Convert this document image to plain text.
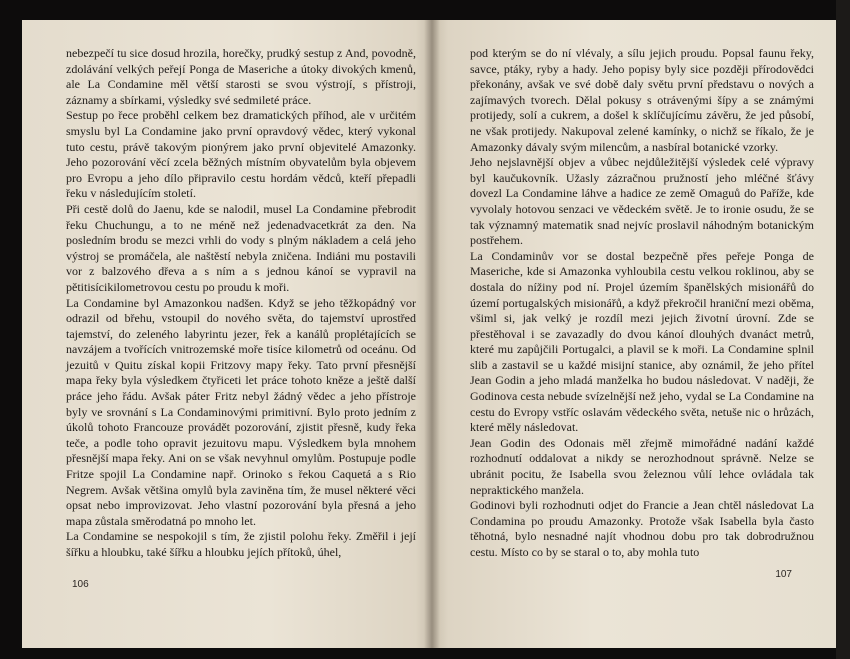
nebezpečí tu sice dosud hrozila, horečky, prudký sestup z And, povodně, zdolávání velkých peřejí Ponga de Maseriche a útoky divokých kmenů, ale La Condamine měl větší starosti se svou výstrojí, s přístroji, záznamy a sbírkami, výsledky své sedmileté práce.

Sestup po řece proběhl celkem bez dramatických příhod, ale v určitém smyslu byl La Condamine jako první opravdový vědec, který vykonal tuto cestu, právě takovým pionýrem jako první objevitelé Amazonky. Jeho pozorování věcí zcela běžných místním obyvatelům byla objevem pro Evropu a jeho dílo připravilo cestu hordám vědců, kteří přepadli řeku v následujícím století.

Při cestě dolů do Jaenu, kde se nalodil, musel La Condamine přebrodit řeku Chuchungu, a to ne méně než jedenadvacetkrát za den. Na posledním brodu se mezci vrhli do vody s plným nákladem a celá jeho výstroj se promáčela, ale naštěstí nebyla zničena. Indiáni mu postavili vor z balzového dřeva a s ním a s jednou kánoí se vypravil na pětitisícikilometrovou cestu po proudu k moři.

La Condamine byl Amazonkou nadšen. Když se jeho těžkopádný vor odrazil od břehu, vstoupil do nového světa, do tajemství uprostřed tajemství, do zeleného labyrintu jezer, řek a kanálů proplétajících se navzájem a tvořících vnitrozemské moře tisíce kilometrů od oceánu. Od jezuitů v Quitu získal kopii Fritzovy mapy řeky. Tato první přesnější mapa řeky byla výsledkem čtyřiceti let práce tohoto kněze a ještě další práce jeho řádu. Avšak páter Fritz nebyl žádný vědec a jeho přístroje byly ve srovnání s La Condaminovými primitivní. Bylo proto jedním z úkolů tohoto Francouze provádět pozorování, zjistit přesně, kudy řeka teče, a podle toho opravit jezuitovu mapu. Výsledkem byla mnohem přesnější mapa řeky. Ani on se však nevyhnul omylům. Postupuje podle Fritze spojil La Condamine např. Orinoko s řekou Caquetá a s Rio Negrem. Avšak většina omylů byla zaviněna tím, že musel některé věci opsat nebo improvizovat. Jeho vlastní pozorování byla přesná a jeho mapa zůstala směrodatná po mnoho let.

La Condamine se nespokojil s tím, že zjistil polohu řeky. Změřil i její šířku a hloubku, také šířku a hloubku jejích přítoků, úhel,

106

pod kterým se do ní vlévaly, a sílu jejich proudu. Popsal faunu řeky, savce, ptáky, ryby a hady. Jeho popisy byly sice později přírodovědci překonány, avšak ve své době daly světu první představu o nových a zajímavých tvorech. Dělal pokusy s otrávenými šípy a se známými protijedy, solí a cukrem, a došel k sklíčujícímu závěru, že jed působí, ne však protijedy. Nakupoval zelené kamínky, o nichž se říkalo, že je Amazonky dávaly svým milencům, a nasbíral botanické vzorky.

Jeho nejslavnější objev a vůbec nejdůležitější výsledek celé výpravy byl kaučukovník. Užasly zázračnou pružností jeho mléčné šťávy dovezl La Condamine láhve a hadice ze země Omaguů do Paříže, kde vyvolaly hotovou senzaci ve vědeckém světě. Je to ironie osudu, že se tak významný matematik snad nejvíc proslavil náhodným botanickým postřehem.

La Condaminův vor se dostal bezpečně přes peřeje Ponga de Maseriche, kde si Amazonka vyhloubila cestu velkou roklinou, aby se dostala do nížiny pod ní. Projel územím španělských misionářů do území portugalských misionářů, a když překročil hraniční mezi oběma, všiml si, jak velký je rozdíl mezi jejich životní úrovní. Zde se přestěhoval i se zavazadly do dvou kánoí dlouhých dvanáct metrů, které mu zapůjčili Portugalci, a plavil se k moři. La Condamine splnil slib a zastavil se u každé misijní stanice, aby oznámil, že jeho přítel Jean Godin a jeho mladá manželka ho budou následovat. V naději, že Godinova cesta nebude svízelnější než jeho, vydal se La Condamine na cestu do Evropy vstříc oslavám vědeckého světa, netuše nic o hrůzách, které měly následovat.

Jean Godin des Odonais měl zřejmě mimořádné nadání každé rozhodnutí oddalovat a nikdy se nerozhodnout správně. Nelze se ubránit pocitu, že Isabella svou železnou vůlí lehce ovládala tak nepraktického manžela.

Godinovi byli rozhodnuti odjet do Francie a Jean chtěl následovat La Condamina po proudu Amazonky. Protože však Isabella byla často těhotná, bylo nesnadné najít vhodnou dobu pro tak dobrodružnou cestu. Místo co by se staral o to, aby mohla tuto

107
